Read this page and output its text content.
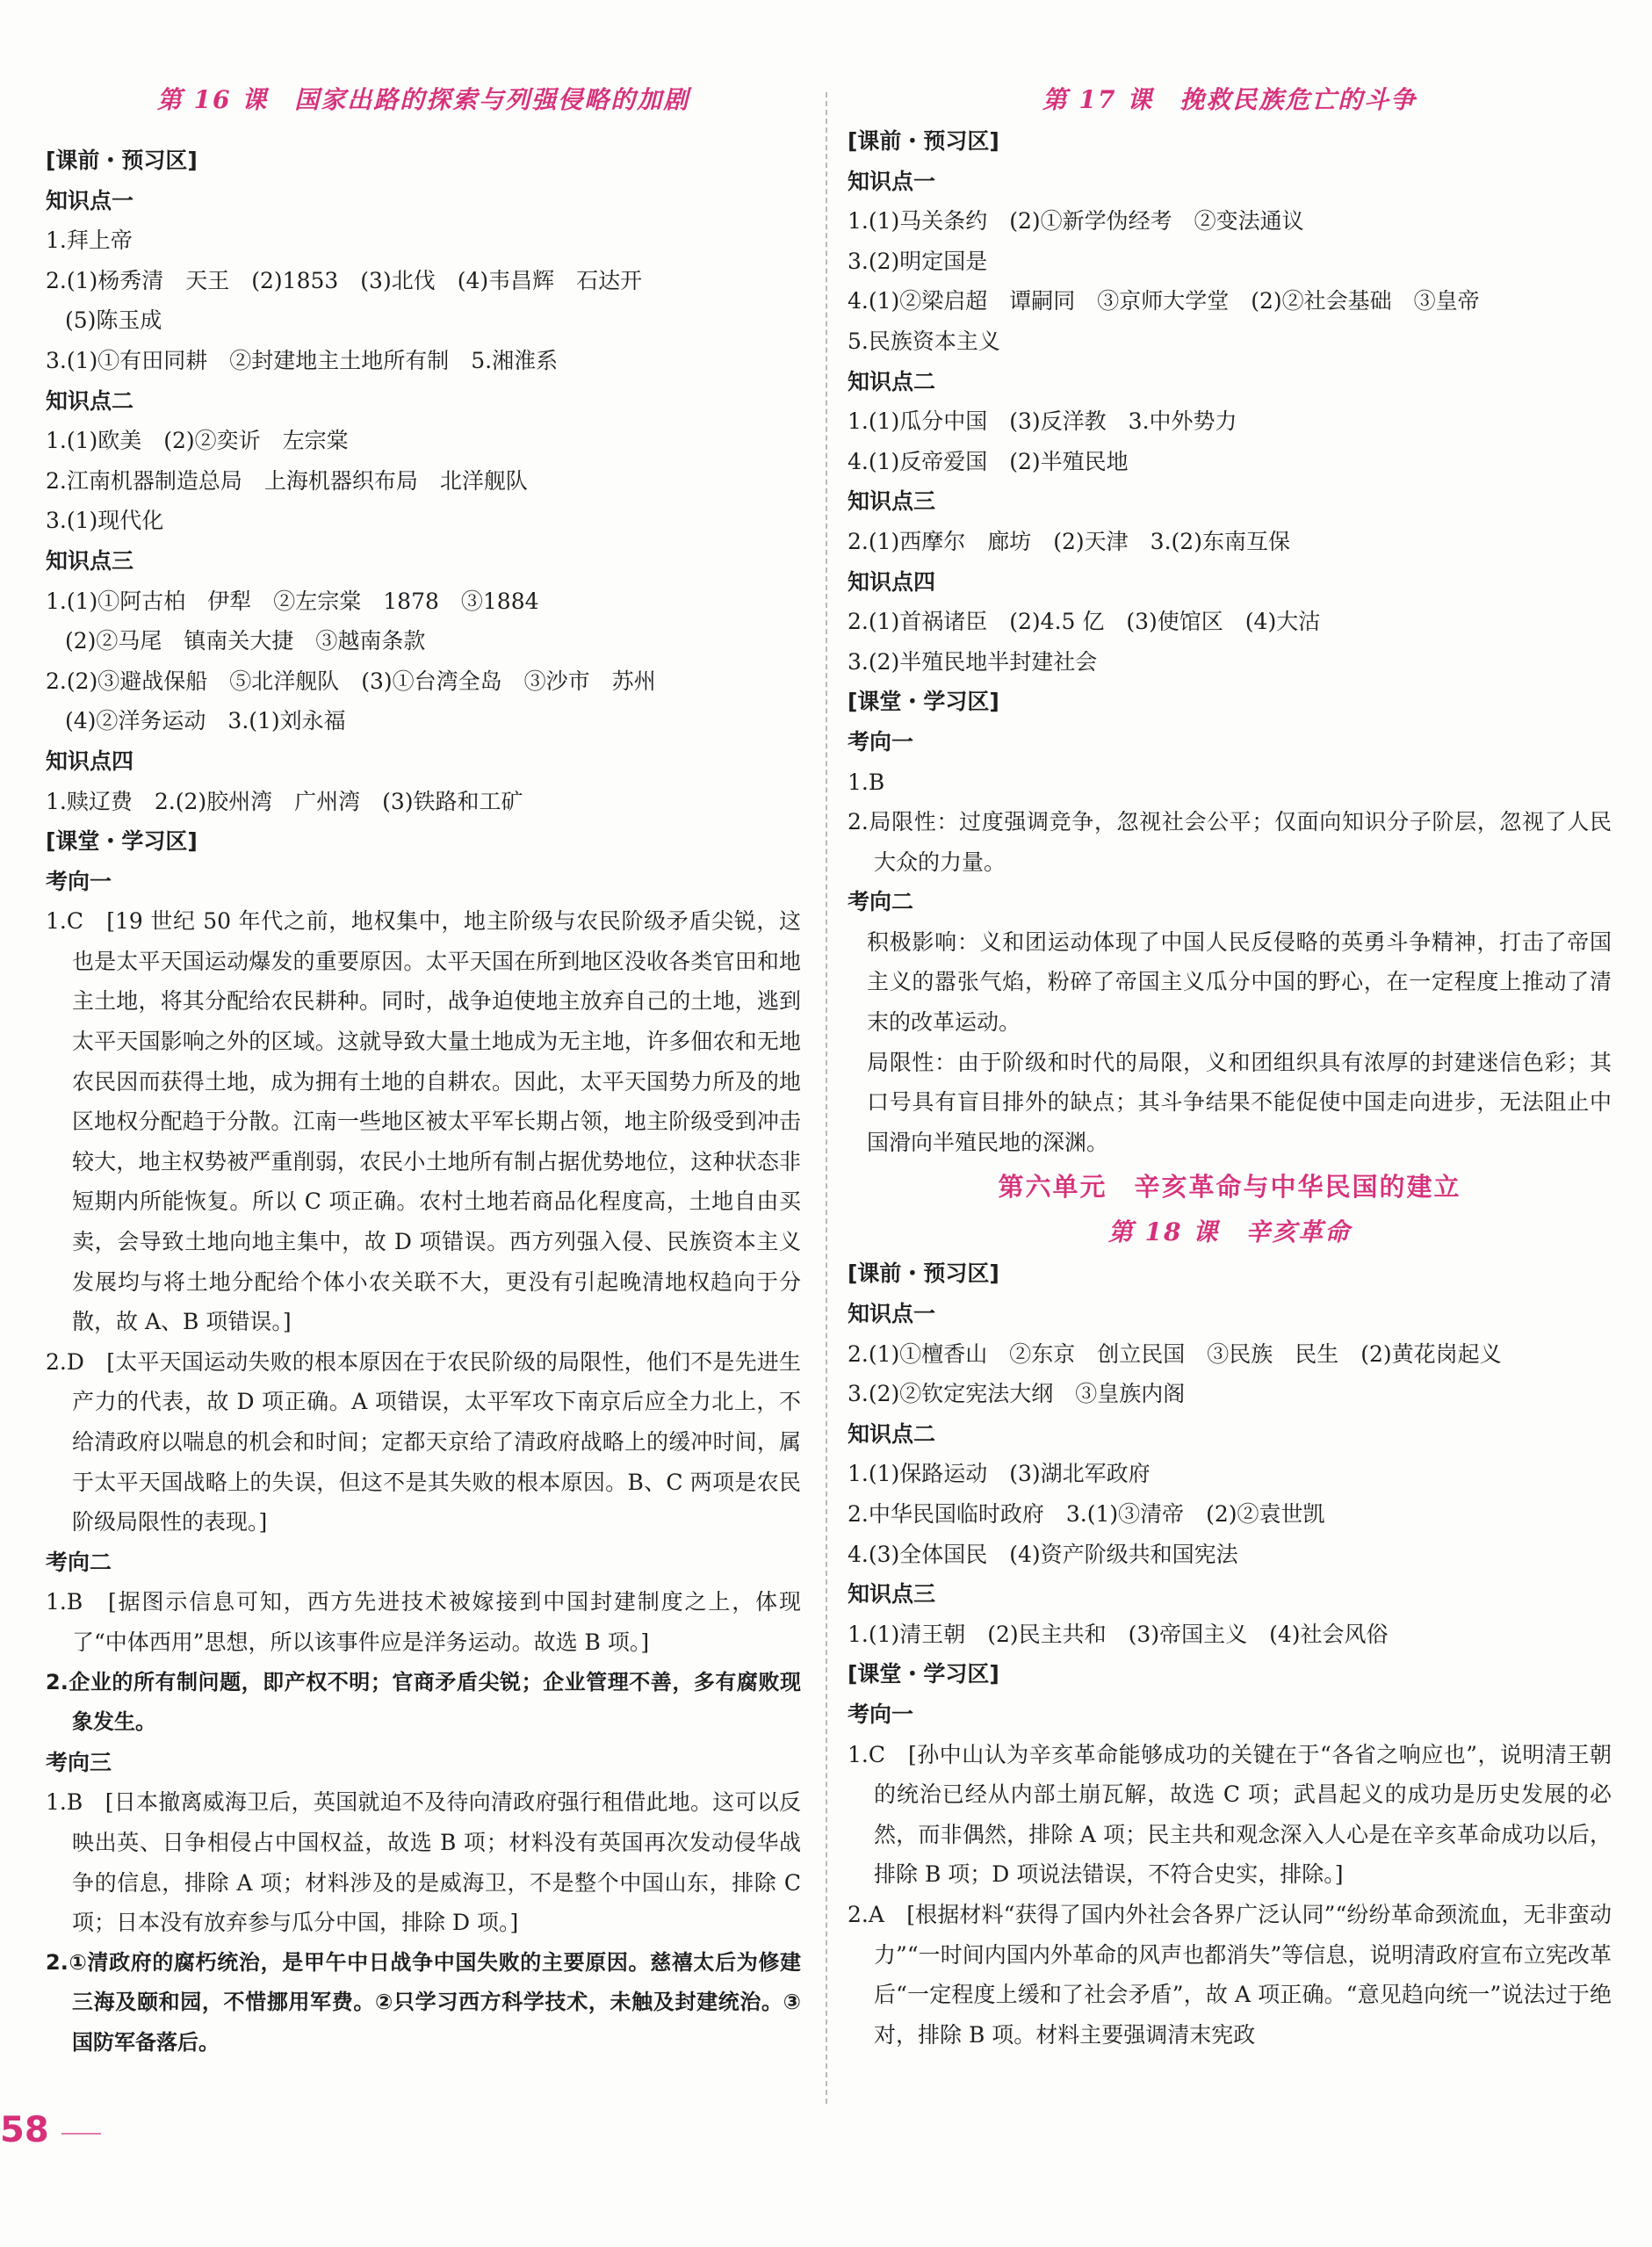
第 16 课　国家出路的探索与列强侵略的加剧
[课前・预习区]
知识点一
1.拜上帝
2.(1)杨秀清　天王　(2)1853　(3)北伐　(4)韦昌辉　石达开
(5)陈玉成
3.(1)①有田同耕　②封建地主土地所有制　5.湘淮系
知识点二
1.(1)欧美　(2)②奕䜣　左宗棠
2.江南机器制造总局　上海机器织布局　北洋舰队
3.(1)现代化
知识点三
1.(1)①阿古柏　伊犁　②左宗棠　1878　③1884
(2)②马尾　镇南关大捷　③越南条款
2.(2)③避战保船　⑤北洋舰队　(3)①台湾全岛　③沙市　苏州
(4)②洋务运动　3.(1)刘永福
知识点四
1.赎辽费　2.(2)胶州湾　广州湾　(3)铁路和工矿
[课堂・学习区]
考向一
1.C　[19 世纪 50 年代之前，地权集中，地主阶级与农民阶级矛盾尖锐，这也是太平天国运动爆发的重要原因。太平天国在所到地区没收各类官田和地主土地，将其分配给农民耕种。同时，战争迫使地主放弃自己的土地，逃到太平天国影响之外的区域。这就导致大量土地成为无主地，许多佃农和无地农民因而获得土地，成为拥有土地的自耕农。因此，太平天国势力所及的地区地权分配趋于分散。江南一些地区被太平军长期占领，地主阶级受到冲击较大，地主权势被严重削弱，农民小土地所有制占据优势地位，这种状态非短期内所能恢复。所以 C 项正确。农村土地若商品化程度高，土地自由买卖，会导致土地向地主集中，故 D 项错误。西方列强入侵、民族资本主义发展均与将土地分配给个体小农关联不大，更没有引起晚清地权趋向于分散，故 A、B 项错误。]
2.D　[太平天国运动失败的根本原因在于农民阶级的局限性，他们不是先进生产力的代表，故 D 项正确。A 项错误，太平军攻下南京后应全力北上，不给清政府以喘息的机会和时间；定都天京给了清政府战略上的缓冲时间，属于太平天国战略上的失误，但这不是其失败的根本原因。B、C 两项是农民阶级局限性的表现。]
考向二
1.B　[据图示信息可知，西方先进技术被嫁接到中国封建制度之上，体现了“中体西用”思想，所以该事件应是洋务运动。故选 B 项。]
2.企业的所有制问题，即产权不明；官商矛盾尖锐；企业管理不善，多有腐败现象发生。
考向三
1.B　[日本撤离威海卫后，英国就迫不及待向清政府强行租借此地。这可以反映出英、日争相侵占中国权益，故选 B 项；材料没有英国再次发动侵华战争的信息，排除 A 项；材料涉及的是威海卫，不是整个中国山东，排除 C 项；日本没有放弃参与瓜分中国，排除 D 项。]
2.①清政府的腐朽统治，是甲午中日战争中国失败的主要原因。慈禧太后为修建三海及颐和园，不惜挪用军费。②只学习西方科学技术，未触及封建统治。③国防军备落后。
第 17 课　挽救民族危亡的斗争
[课前・预习区]
知识点一
1.(1)马关条约　(2)①新学伪经考　②变法通议
3.(2)明定国是
4.(1)②梁启超　谭嗣同　③京师大学堂　(2)②社会基础　③皇帝
5.民族资本主义
知识点二
1.(1)瓜分中国　(3)反洋教　3.中外势力
4.(1)反帝爱国　(2)半殖民地
知识点三
2.(1)西摩尔　廊坊　(2)天津　3.(2)东南互保
知识点四
2.(1)首祸诸臣　(2)4.5 亿　(3)使馆区　(4)大沽
3.(2)半殖民地半封建社会
[课堂・学习区]
考向一
1.B
2.局限性：过度强调竞争，忽视社会公平；仅面向知识分子阶层，忽视了人民大众的力量。
考向二
积极影响：义和团运动体现了中国人民反侵略的英勇斗争精神，打击了帝国主义的嚣张气焰，粉碎了帝国主义瓜分中国的野心，在一定程度上推动了清末的改革运动。
局限性：由于阶级和时代的局限，义和团组织具有浓厚的封建迷信色彩；其口号具有盲目排外的缺点；其斗争结果不能促使中国走向进步，无法阻止中国滑向半殖民地的深渊。
第六单元　辛亥革命与中华民国的建立
第 18 课　辛亥革命
[课前・预习区]
知识点一
2.(1)①檀香山　②东京　创立民国　③民族　民生　(2)黄花岗起义
3.(2)②钦定宪法大纲　③皇族内阁
知识点二
1.(1)保路运动　(3)湖北军政府
2.中华民国临时政府　3.(1)③清帝　(2)②袁世凯
4.(3)全体国民　(4)资产阶级共和国宪法
知识点三
1.(1)清王朝　(2)民主共和　(3)帝国主义　(4)社会风俗
[课堂・学习区]
考向一
1.C　[孙中山认为辛亥革命能够成功的关键在于“各省之响应也”，说明清王朝的统治已经从内部土崩瓦解，故选 C 项；武昌起义的成功是历史发展的必然，而非偶然，排除 A 项；民主共和观念深入人心是在辛亥革命成功以后，排除 B 项；D 项说法错误，不符合史实，排除。]
2.A　[根据材料“获得了国内外社会各界广泛认同”“纷纷革命颈流血，无非蛮动力”“一时间内国内外革命的风声也都消失”等信息，说明清政府宣布立宪改革后“一定程度上缓和了社会矛盾”，故 A 项正确。“意见趋向统一”说法过于绝对，排除 B 项。材料主要强调清末宪政
58
